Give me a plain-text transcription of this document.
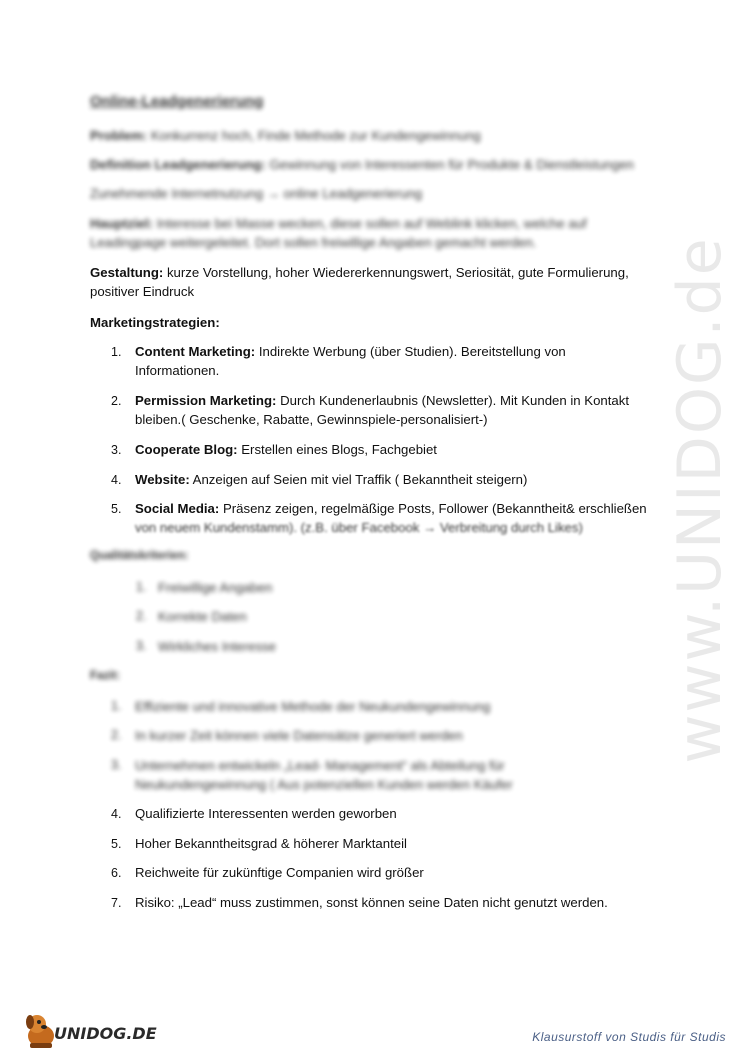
www.UNIDOG.de
Online-Leadgenerierung
Problem: Konkurrenz hoch, Finde Methode zur Kundengewinnung
Definition Leadgenerierung: Gewinnung von Interessenten für Produkte & Dienstleistungen
Zunehmende Internetnutzung → online Leadgenerierung
Hauptziel: Interesse bei Masse wecken, diese sollen auf Weblink klicken, welche auf
Leadingpage weitergeleitet. Dort sollen freiwillige Angaben gemacht werden.
Gestaltung: kurze Vorstellung, hoher Wiedererkennungswert, Seriosität, gute Formulierung,
positiver Eindruck
Marketingstrategien:
1. Content Marketing: Indirekte Werbung (über Studien). Bereitstellung von
Informationen.
2. Permission Marketing: Durch Kundenerlaubnis (Newsletter). Mit Kunden in Kontakt
bleiben.( Geschenke, Rabatte, Gewinnspiele-personalisiert-)
3. Cooperate Blog: Erstellen eines Blogs, Fachgebiet
4. Website: Anzeigen auf Seien mit viel Traffik ( Bekanntheit steigern)
5. Social Media: Präsenz zeigen, regelmäßige Posts, Follower (Bekanntheit& erschließen
von neuem Kundenstamm). (z.B. über Facebook → Verbreitung durch Likes)
Qualitätskriterien:
1. Freiwillige Angaben
2. Korrekte Daten
3. Wirkliches Interesse
Fazit:
1. Effiziente und innovative Methode der Neukundengewinnung
2. In kurzer Zeit können viele Datensätze generiert werden
3. Unternehmen entwickeln „Lead- Management“ als Abteilung für
Neukundengewinnung ( Aus potenziellen Kunden werden Käufer
4. Qualifizierte Interessenten werden geworben
5. Hoher Bekanntheitsgrad & höherer Marktanteil
6. Reichweite für zukünftige Companien wird größer
7. Risiko: „Lead“ muss zustimmen, sonst können seine Daten nicht genutzt werden.
UNIDOG.DE	Klausurstoff von Studis für Studis
